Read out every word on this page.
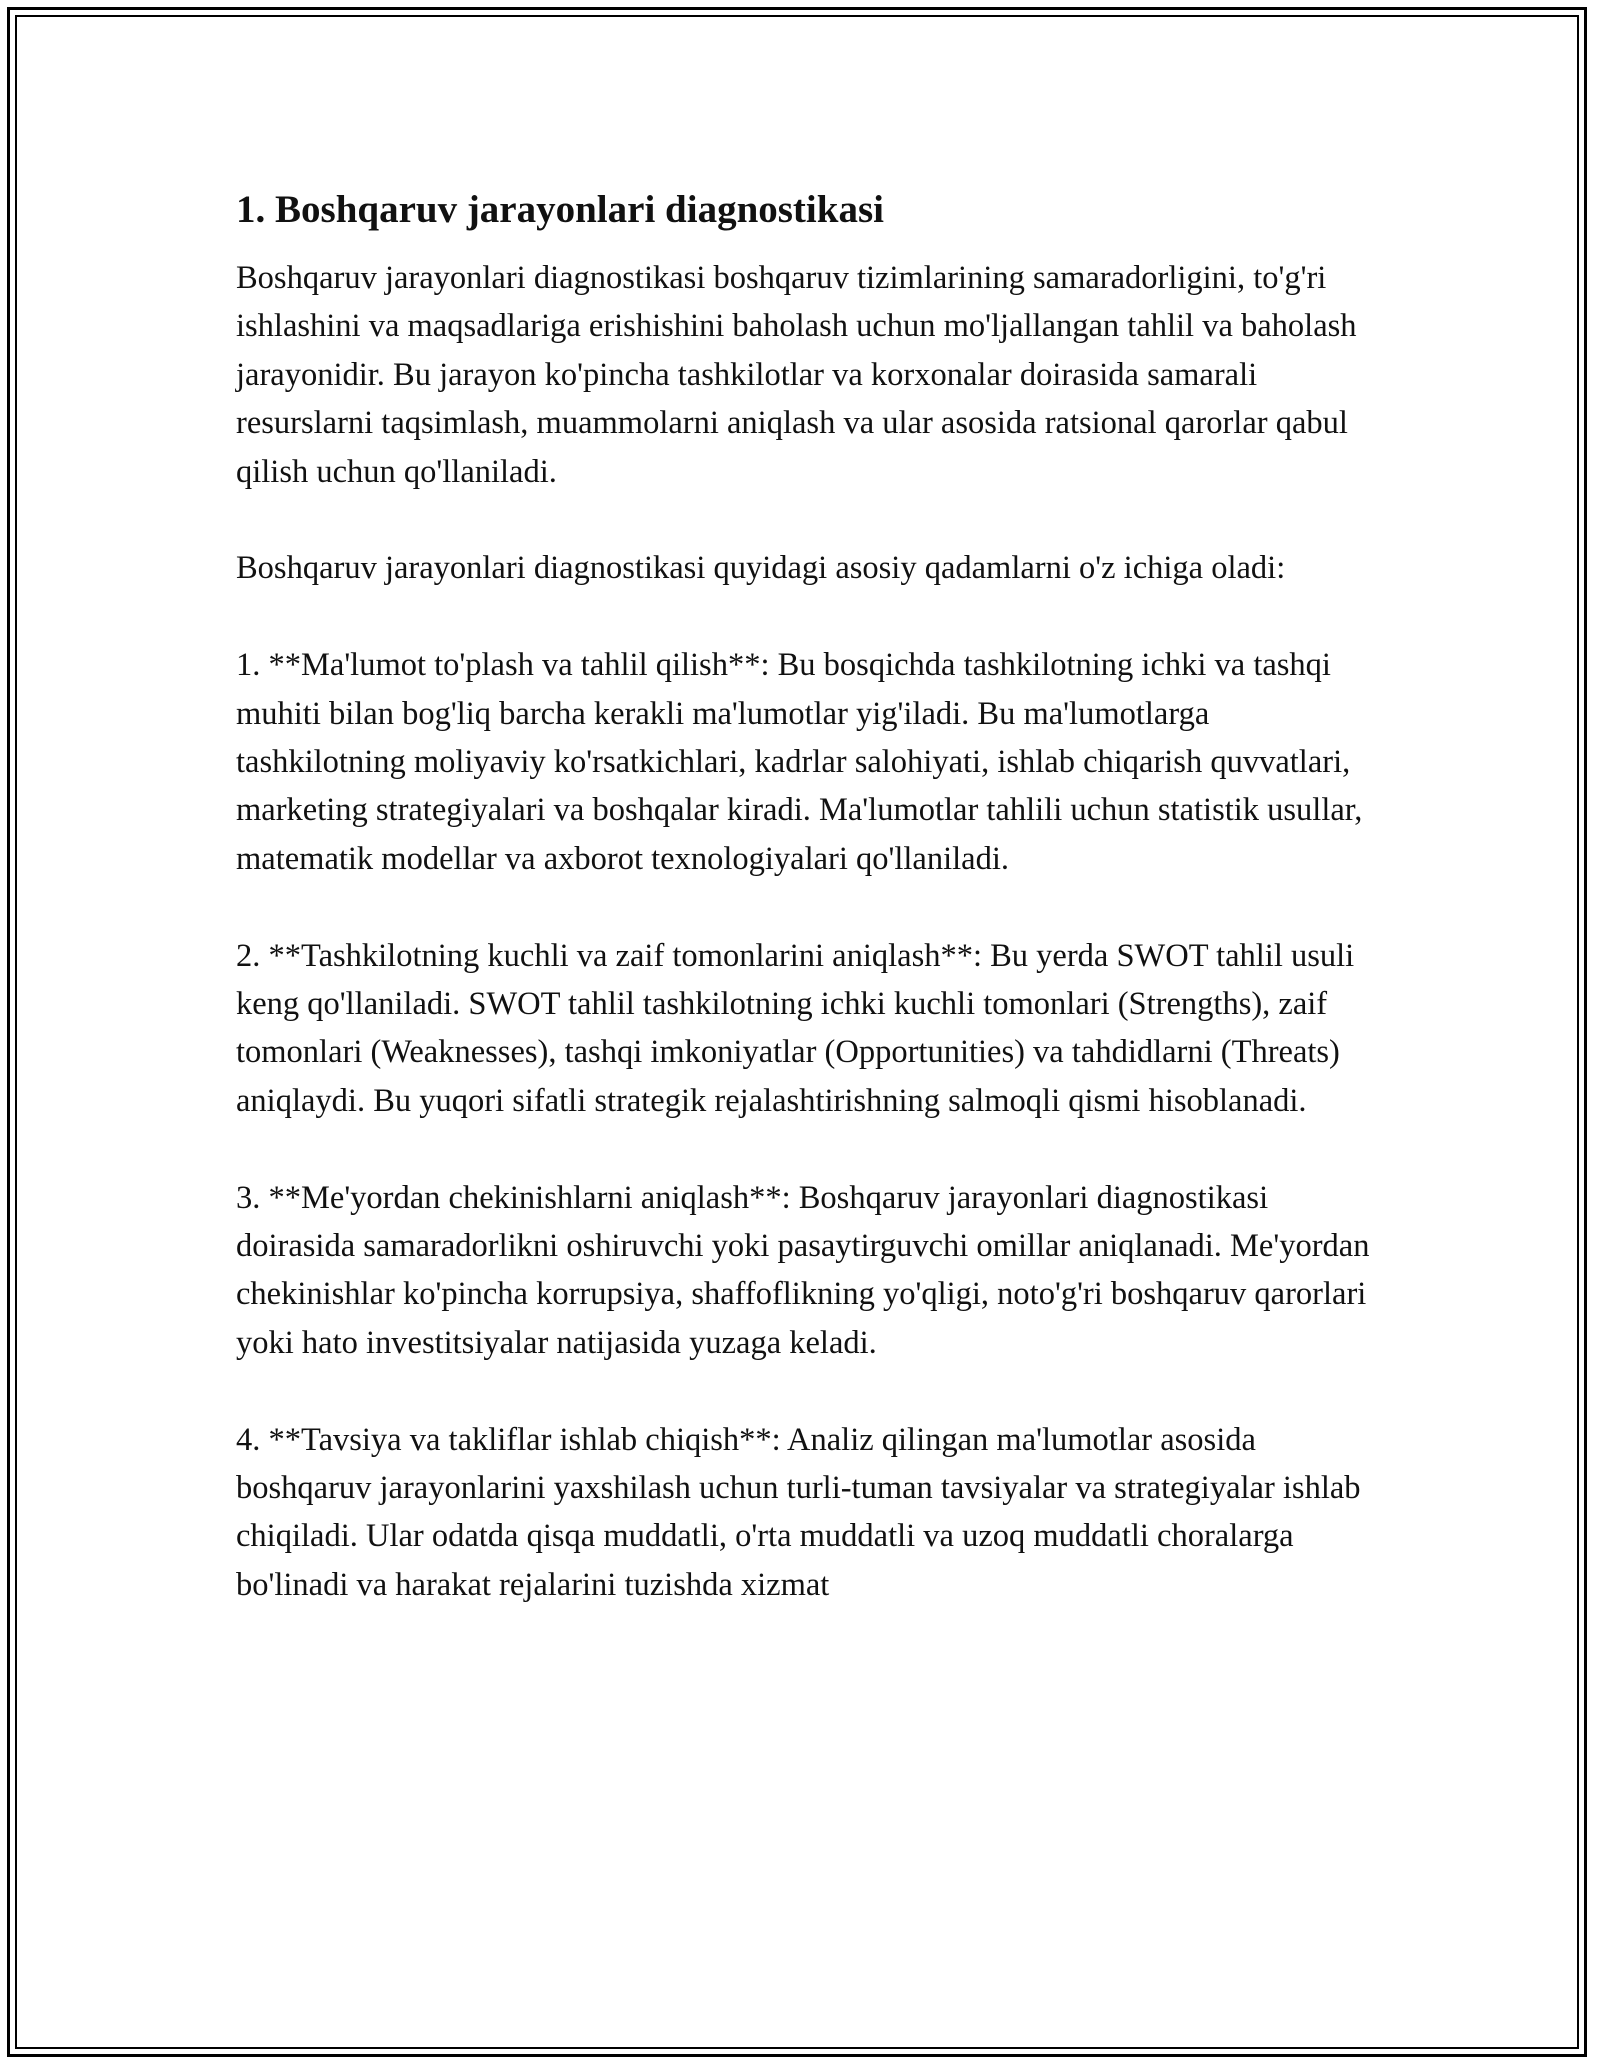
1. Boshqaruv jarayonlari diagnostikasi

Boshqaruv jarayonlari diagnostikasi boshqaruv tizimlarining samaradorligini, to'g'ri ishlashini va maqsadlariga erishishini baholash uchun mo'ljallangan tahlil va baholash jarayonidir. Bu jarayon ko'pincha tashkilotlar va korxonalar doirasida samarali resurslarni taqsimlash, muammolarni aniqlash va ular asosida ratsional qarorlar qabul qilish uchun qo'llaniladi.

Boshqaruv jarayonlari diagnostikasi quyidagi asosiy qadamlarni o'z ichiga oladi:

1. **Ma'lumot to'plash va tahlil qilish**: Bu bosqichda tashkilotning ichki va tashqi muhiti bilan bog'liq barcha kerakli ma'lumotlar yig'iladi. Bu ma'lumotlarga tashkilotning moliyaviy ko'rsatkichlari, kadrlar salohiyati, ishlab chiqarish quvvatlari, marketing strategiyalari va boshqalar kiradi. Ma'lumotlar tahlili uchun statistik usullar, matematik modellar va axborot texnologiyalari qo'llaniladi.

2. **Tashkilotning kuchli va zaif tomonlarini aniqlash**: Bu yerda SWOT tahlil usuli keng qo'llaniladi. SWOT tahlil tashkilotning ichki kuchli tomonlari (Strengths), zaif tomonlari (Weaknesses), tashqi imkoniyatlar (Opportunities) va tahdidlarni (Threats) aniqlaydi. Bu yuqori sifatli strategik rejalashtirishning salmoqli qismi hisoblanadi.

3. **Me'yordan chekinishlarni aniqlash**: Boshqaruv jarayonlari diagnostikasi doirasida samaradorlikni oshiruvchi yoki pasaytirguvchi omillar aniqlanadi. Me'yordan chekinishlar ko'pincha korrupsiya, shaffoflikning yo'qligi, noto'g'ri boshqaruv qarorlari yoki hato investitsiyalar natijasida yuzaga keladi.

4. **Tavsiya va takliflar ishlab chiqish**: Analiz qilingan ma'lumotlar asosida boshqaruv jarayonlarini yaxshilash uchun turli-tuman tavsiyalar va strategiyalar ishlab chiqiladi. Ular odatda qisqa muddatli, o'rta muddatli va uzoq muddatli choralarga bo'linadi va harakat rejalarini tuzishda xizmat
